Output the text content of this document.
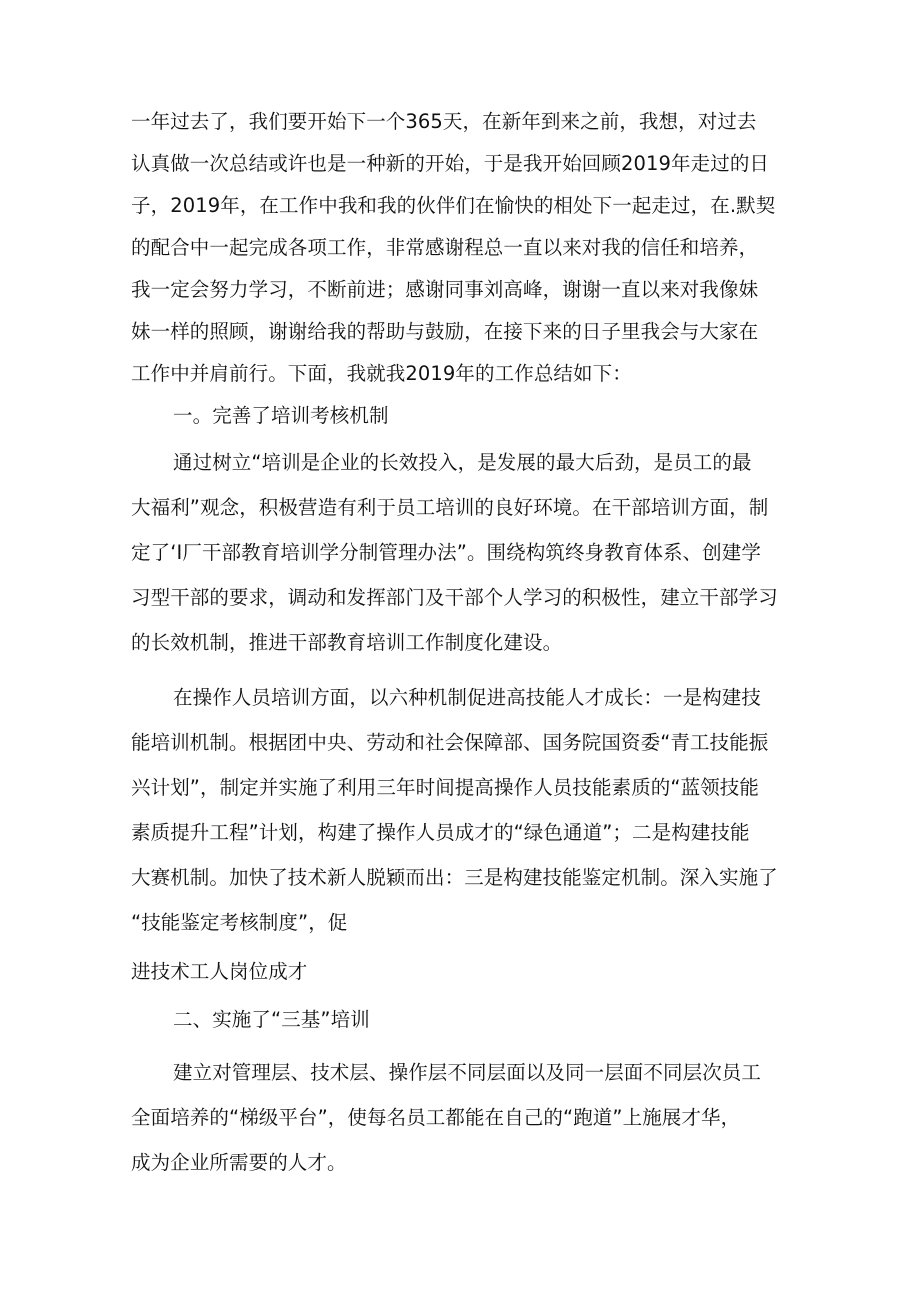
一年过去了，我们要开始下一个365天，在新年到来之前，我想，对过去
认真做一次总结或许也是一种新的开始，于是我开始回顾2019年走过的日
子，2019年，在工作中我和我的伙伴们在愉快的相处下一起走过，在.默契
的配合中一起完成各项工作，非常感谢程总一直以来对我的信任和培养，
我一定会努力学习，不断前进；感谢同事刘高峰，谢谢一直以来对我像妹
妹一样的照顾，谢谢给我的帮助与鼓励，在接下来的日子里我会与大家在
工作中并肩前行。下面，我就我2019年的工作总结如下：
一。完善了培训考核机制
通过树立“培训是企业的长效投入，是发展的最大后劲，是员工的最
大福利”观念，积极营造有利于员工培训的良好环境。在干部培训方面，制
定了‘I厂干部教育培训学分制管理办法”。围绕构筑终身教育体系、创建学
习型干部的要求，调动和发挥部门及干部个人学习的积极性，建立干部学习
的长效机制，推进干部教育培训工作制度化建设。
在操作人员培训方面，以六种机制促进高技能人才成长：一是构建技
能培训机制。根据团中央、劳动和社会保障部、国务院国资委“青工技能振
兴计划”，制定并实施了利用三年时间提高操作人员技能素质的“蓝领技能
素质提升工程”计划，构建了操作人员成才的“绿色通道”；二是构建技能
大赛机制。加快了技术新人脱颖而出：三是构建技能鉴定机制。深入实施了
“技能鉴定考核制度”，促
进技术工人岗位成才
二、实施了“三基”培训
建立对管理层、技术层、操作层不同层面以及同一层面不同层次员工
全面培养的“梯级平台”，使每名员工都能在自己的“跑道”上施展才华，
成为企业所需要的人才。
